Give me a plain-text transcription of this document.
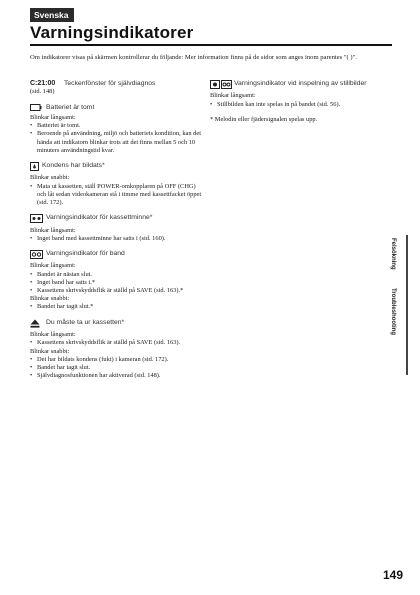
Svenska
Varningsindikatorer
Om indikatorer visas på skärmen kontrollerar du följande: Mer information finns på de sidor som anges inom parentes "( )".
C:21:00	Teckenfönster för självdiagnos
(sid. 148)
Batteriet är tomt
Blinkar långsamt:
• Batteriet är tomt.
• Beroende på användning, miljö och batteriets kondition, kan det hända att indikatorn blinkar trots att det finns mellan 5 och 10 minuters användningstid kvar.
Kondens har bildats*
Blinkar snabbt:
• Mata ut kassetten, ställ POWER-omkopplaren på OFF (CHG) och låt sedan videokameran stå i timme med kassettfacket öppet (sid. 172).
Varningsindikator för kassettminne*
Blinkar långsamt:
• Inget band med kassettminne har satts i (sid. 160).
Varningsindikator för band
Blinkar långsamt:
• Bandet är nästan slut.
• Inget band har satts i.*
• Kassettens skrivskyddsflik är ställd på SAVE (sid. 163).*
Blinkar snabbt:
• Bandet har tagit slut.*
Du måste ta ur kassetten*
Blinkar långsamt:
• Kassettens skrivskyddsflik är ställd på SAVE (sid. 163).
Blinkar snabbt:
• Det har bildats kondens (fukt) i kameran (sid. 172).
• Bandet har tagit slut.
• Självdiagnosfunktionen har aktiverad (sid. 148).
Varningsindikator vid inspelning av stillbilder
Blinkar långsamt:
• Stillbilden kan inte spelas in på bandet (sid. 56).
* Melodin eller fjädersignalen spelas upp.
Felsökning
Troubleshooting
149
